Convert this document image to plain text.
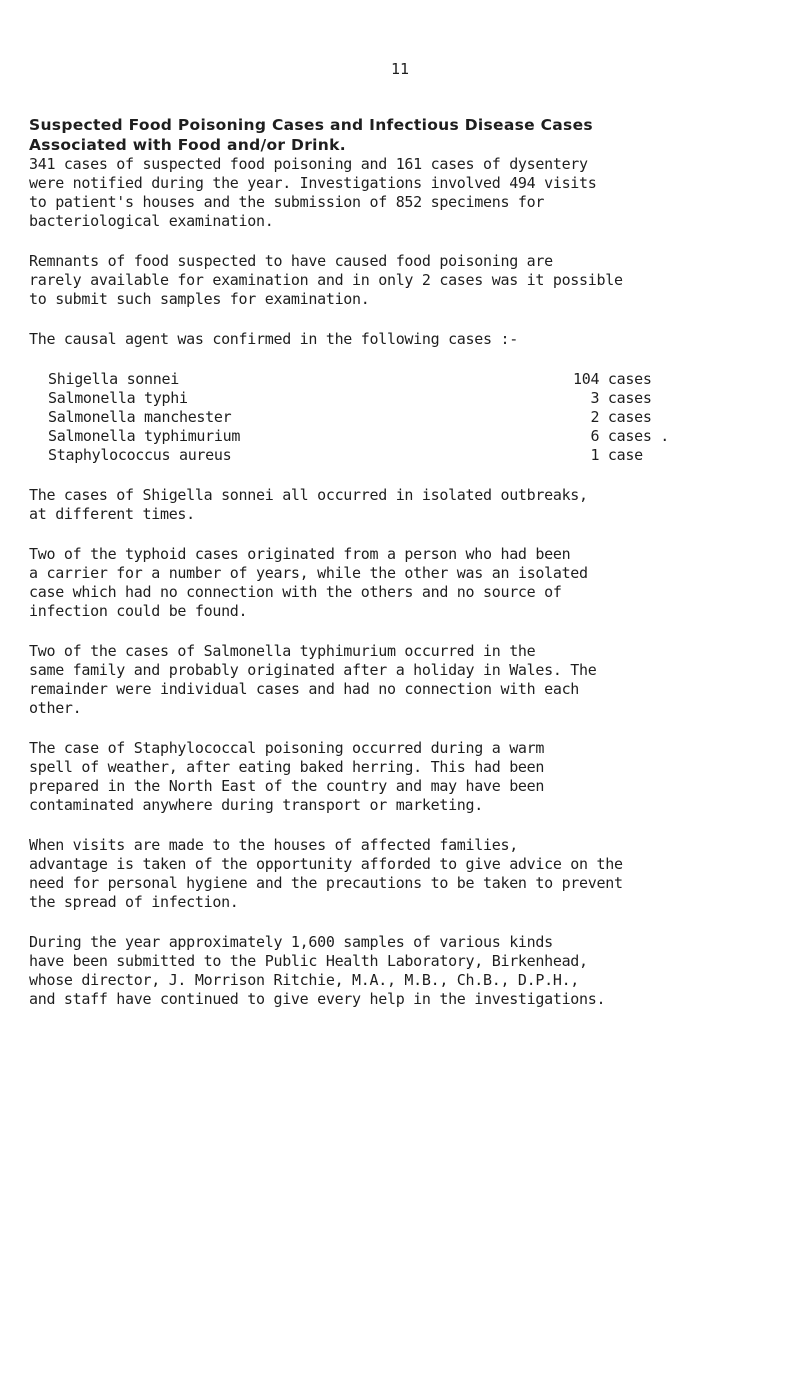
11
Suspected Food Poisoning Cases and Infectious Disease Cases
Associated with Food and/or Drink.

341 cases of suspected food poisoning and 161 cases of dysentery
were notified during the year. Investigations involved 494 visits
to patient's houses and the submission of 852 specimens for
bacteriological examination.

Remnants of food suspected to have caused food poisoning are
rarely available for examination and in only 2 cases was it possible
to submit such samples for examination.

The causal agent was confirmed in the following cases :-

Shigella sonnei	104 cases
Salmonella typhi	3 cases
Salmonella manchester	2 cases
Salmonella typhimurium	6 cases .
Staphylococcus aureus	1 case

The cases of Shigella sonnei all occurred in isolated outbreaks,
at different times.

Two of the typhoid cases originated from a person who had been
a carrier for a number of years, while the other was an isolated
case which had no connection with the others and no source of
infection could be found.

Two of the cases of Salmonella typhimurium occurred in the
same family and probably originated after a holiday in Wales. The
remainder were individual cases and had no connection with each
other.

The case of Staphylococcal poisoning occurred during a warm
spell of weather, after eating baked herring. This had been
prepared in the North East of the country and may have been
contaminated anywhere during transport or marketing.

When visits are made to the houses of affected families,
advantage is taken of the opportunity afforded to give advice on the
need for personal hygiene and the precautions to be taken to prevent
the spread of infection.

During the year approximately 1,600 samples of various kinds
have been submitted to the Public Health Laboratory, Birkenhead,
whose director, J. Morrison Ritchie, M.A., M.B., Ch.B., D.P.H.,
and staff have continued to give every help in the investigations.
